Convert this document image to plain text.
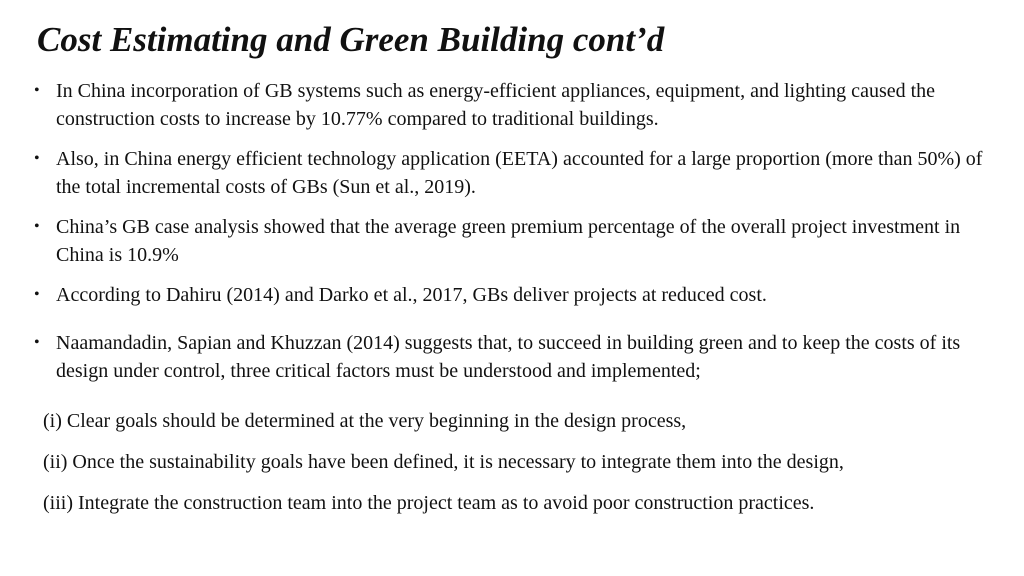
Cost Estimating and Green Building cont’d
• In China incorporation of GB systems such as energy-efficient appliances, equipment, and lighting caused the construction costs to increase by 10.77% compared to traditional buildings.
• Also, in China energy efficient technology application (EETA) accounted for a large proportion (more than 50%) of the total incremental costs of GBs (Sun et al., 2019).
• China’s GB case analysis showed that the average green premium percentage of the overall project investment in China is 10.9%
• According to Dahiru (2014) and Darko et al., 2017, GBs deliver projects at reduced cost.
• Naamandadin, Sapian and Khuzzan (2014) suggests that, to succeed in building green and to keep the costs of its design under control, three critical factors must be understood and implemented;
(i) Clear goals should be determined at the very beginning in the design process,
(ii) Once the sustainability goals have been defined, it is necessary to integrate them into the design,
(iii) Integrate the construction team into the project team as to avoid poor construction practices.
